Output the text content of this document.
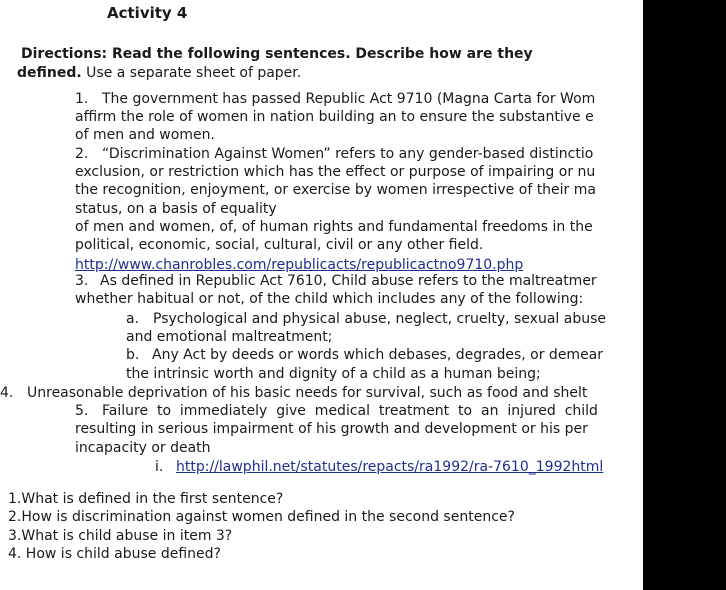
Activity 4
Directions: Read the following sentences. Describe how are they
defined. Use a separate sheet of paper.
1. The government has passed Republic Act 9710 (Magna Carta for Wom
affirm the role of women in nation building an to ensure the substantive e
of men and women.
2. “Discrimination Against Women” refers to any gender-based distinctio
exclusion, or restriction which has the effect or purpose of impairing or nu
the recognition, enjoyment, or exercise by women irrespective of their ma
status, on a basis of equality
of men and women, of, of human rights and fundamental freedoms in the
political, economic, social, cultural, civil or any other field.
http://www.chanrobles.com/republicacts/republicactno9710.php
3. As defined in Republic Act 7610, Child abuse refers to the maltreatmer
whether habitual or not, of the child which includes any of the following:
a. Psychological and physical abuse, neglect, cruelty, sexual abuse
and emotional maltreatment;
b. Any Act by deeds or words which debases, degrades, or demear
the intrinsic worth and dignity of a child as a human being;
4. Unreasonable deprivation of his basic needs for survival, such as food and shelt
5. Failure  to  immediately  give  medical  treatment  to  an  injured  child
resulting in serious impairment of his growth and development or his per
incapacity or death
i. http://lawphil.net/statutes/repacts/ra1992/ra-7610_1992html
1.What is defined in the first sentence?
2.How is discrimination against women defined in the second sentence?
3.What is child abuse in item 3?
4. How is child abuse defined?
